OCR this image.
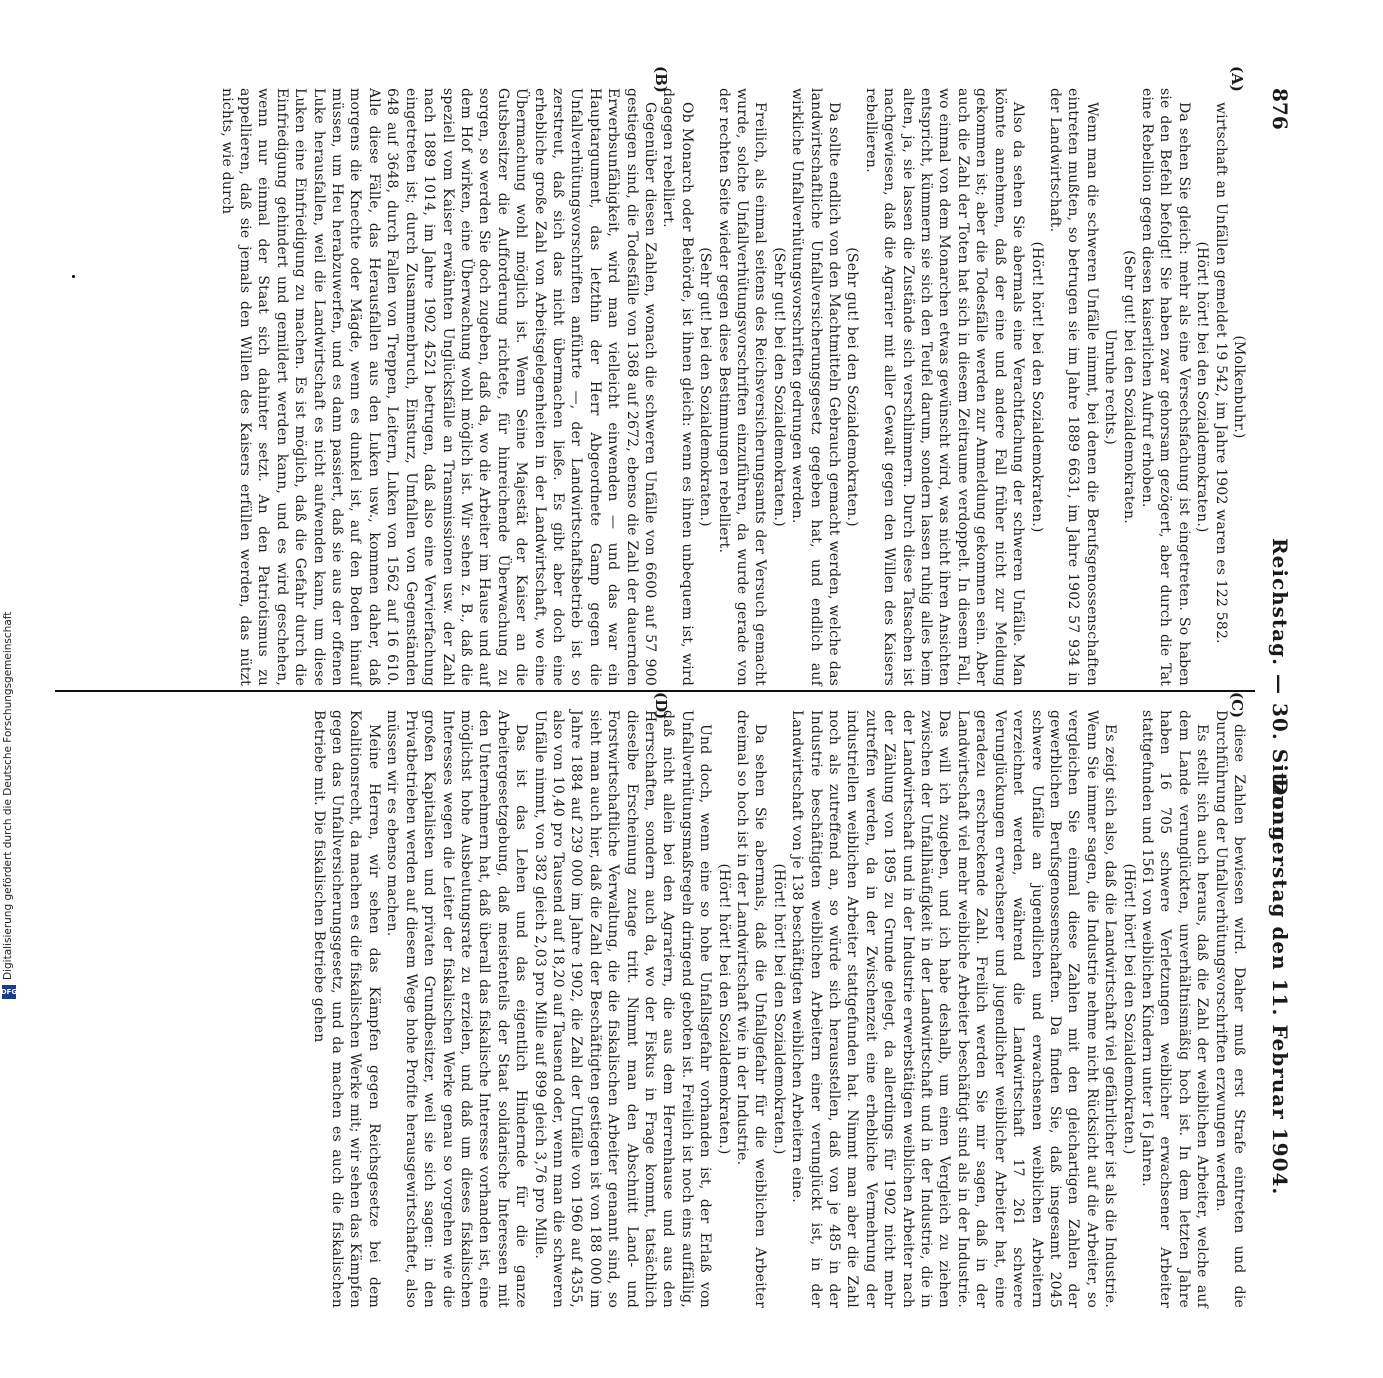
876
Reichstag. — 30. Sitzung.
Donnerstag den 11. Februar 1904.
(A)
(B)
(C)
(D)

(Molkenbuhr.)

wirtschaft an Unfällen gemeldet 19 542, im Jahre 1902 waren es 122 582.

(Hört! hört! bei den Sozialdemokraten.)

Da sehen Sie gleich: mehr als eine Versechsfachung ist eingetreten. So haben sie den Befehl befolgt! Sie haben zwar gehorsam gezögert, aber durch die Tat eine Rebellion gegen diesen kaiserlichen Aufruf erhoben.

(Sehr gut! bei den Sozialdemokraten.

Unruhe rechts.)

Wenn man die schweren Unfälle nimmt, bei denen die Berufsgenossenschaften eintreten mußten, so betrugen sie im Jahre 1889 6631, im Jahre 1902 57 934 in der Landwirtschaft.

(Hört! hört! bei den Sozialdemokraten.)

Also da sehen Sie abermals eine Verachtfachung der schweren Unfälle. Man könnte annehmen, daß der eine und andere Fall früher nicht zur Meldung gekommen ist; aber die Todesfälle werden zur Anmeldung gekommen sein. Aber auch die Zahl der Toten hat sich in diesem Zeitraume verdoppelt. In diesem Fall, wo einmal von dem Monarchen etwas gewünscht wird, was nicht ihren Ansichten entspricht, kümmern sie sich den Teufel darum, sondern lassen ruhig alles beim alten, ja, sie lassen die Zustände sich verschlimmern. Durch diese Tatsachen ist nachgewiesen, daß die Agrarier mit aller Gewalt gegen den Willen des Kaisers rebellieren.

(Sehr gut! bei den Sozialdemokraten.)

Da sollte endlich von den Machtmitteln Gebrauch gemacht werden, welche das landwirtschaftliche Unfallversicherungsgesetz gegeben hat, und endlich auf wirkliche Unfallverhütungsvorschriften gedrungen werden.

(Sehr gut! bei den Sozialdemokraten.)

Freilich, als einmal seitens des Reichsversicherungsamts der Versuch gemacht wurde, solche Unfallverhütungsvorschriften einzuführen, da wurde gerade von der rechten Seite wieder gegen diese Bestimmungen rebelliert.

(Sehr gut! bei den Sozialdemokraten.)

Ob Monarch oder Behörde, ist ihnen gleich: wenn es ihnen unbequem ist, wird dagegen rebelliert.

Gegenüber diesen Zahlen, wonach die schweren Unfälle von 6600 auf 57 900 gestiegen sind, die Todesfälle von 1368 auf 2672, ebenso die Zahl der dauernden Erwerbsunfähigkeit, wird man vielleicht einwenden — und das war ein Hauptargument, das letzthin der Herr Abgeordnete Gamp gegen die Unfallverhütungsvorschriften anführte —, der Landwirtschaftsbetrieb ist so zerstreut, daß sich das nicht übermachen ließe. Es gibt aber doch eine erhebliche große Zahl von Arbeitsgelegenheiten in der Landwirtschaft, wo eine Übermachung wohl möglich ist. Wenn Seine Majestät der Kaiser an die Gutsbesitzer die Aufforderung richtete, für hinreichende Überwachung zu sorgen, so werden Sie doch zugeben, daß da, wo die Arbeiter im Hause und auf dem Hof wirken, eine Überwachung wohl möglich ist. Wir sehen z. B., daß die speziell vom Kaiser erwähnten Unglücksfälle an Transmissionen usw. der Zahl nach 1889 1014, im Jahre 1902 4521 betrugen, daß also eine Vervierfachung eingetreten ist; durch Zusammenbruch, Einsturz, Umfallen von Gegenständen 648 auf 3648, durch Fallen von Treppen, Leitern, Luken von 1562 auf 16 610. Alle diese Fälle, das Herausfallen aus den Luken usw., kommen daher, daß morgens die Knechte oder Mägde, wenn es dunkel ist, auf den Boden hinauf müssen, um Heu herabzuwerfen, und es dann passiert, daß sie aus der offenen Luke herausfallen, weil die Landwirtschaft es nicht aufwenden kann, um diese Luken eine Einfriedigung zu machen. Es ist möglich, daß die Gefahr durch die Einfriedigung gehindert und gemildert werden kann, und es wird geschehen, wenn nur einmal der Staat sich dahinter setzt. An den Patriotismus zu appellieren, daß sie jemals den Willen des Kaisers erfüllen werden, das nützt nichts, wie durch

diese Zahlen bewiesen wird. Daher muß erst Strafe eintreten und die Durchführung der Unfallverhütungsvorschriften erzwungen werden.

Es stellt sich auch heraus, daß die Zahl der weiblichen Arbeiter, welche auf dem Lande verunglückten, unverhältnismäßig hoch ist. In dem letzten Jahre haben 16 705 schwere Verletzungen weiblicher erwachsener Arbeiter stattgefunden und 1561 von weiblichen Kindern unter 16 Jahren.

(Hört! hört! bei den Sozialdemokraten.)

Es zeigt sich also, daß die Landwirtschaft viel gefährlicher ist als die Industrie. Wenn Sie immer sagen, die Industrie nehme nicht Rücksicht auf die Arbeiter, so vergleichen Sie einmal diese Zahlen mit den gleichartigen Zahlen der gewerblichen Berufsgenossenschaften. Da finden Sie, daß insgesamt 2045 schwere Unfälle an jugendlichen und erwachsenen weiblichen Arbeitern verzeichnet werden, während die Landwirtschaft 17 261 schwere Verunglückungen erwachsener und jugendlicher weiblicher Arbeiter hat, eine geradezu erschreckende Zahl. Freilich werden Sie mir sagen, daß in der Landwirtschaft viel mehr weibliche Arbeiter beschäftigt sind als in der Industrie. Das will ich zugeben, und ich habe deshalb, um einen Vergleich zu ziehen zwischen der Unfallhäufigkeit in der Landwirtschaft und in der Industrie, die in der Landwirtschaft und in der Industrie erwerbstätigen weiblichen Arbeiter nach der Zählung von 1895 zu Grunde gelegt, da allerdings für 1902 nicht mehr zutreffen werden, da in der Zwischenzeit eine erhebliche Vermehrung der industriellen weiblichen Arbeiter stattgefunden hat. Nimmt man aber die Zahl noch als zutreffend an, so würde sich herausstellen, daß von je 485 in der Industrie beschäftigten weiblichen Arbeitern einer verunglückt ist, in der Landwirtschaft von je 138 beschäftigten weiblichen Arbeitern eine.

(Hört! hört! bei den Sozialdemokraten.)

Da sehen Sie abermals, daß die Unfallgefahr für die weiblichen Arbeiter dreimal so hoch ist in der Landwirtschaft wie in der Industrie.

(Hört! hört! bei den Sozialdemokraten.)

Und doch, wenn eine so hohe Unfallsgefahr vorhanden ist, der Erlaß von Unfallverhütungsmaßregeln dringend geboten ist. Freilich ist noch eins auffällig, daß nicht allein bei den Agrariern, die aus dem Herrenhause und aus den Herrschaften, sondern auch da, wo der Fiskus in Frage kommt, tatsächlich dieselbe Erscheinung zutage tritt. Nimmt man den Abschnitt Land- und Forstwirtschaftliche Verwaltung, die die fiskalischen Arbeiter genannt sind, so sieht man auch hier, daß die Zahl der Beschäftigten gestiegen ist von 188 000 im Jahre 1884 auf 239 000 im Jahre 1902, die Zahl der Unfälle von 1960 auf 4355, also von 10,40 pro Tausend auf 18,20 auf Tausend oder, wenn man die schweren Unfälle nimmt, von 382 gleich 2,03 pro Mille auf 899 gleich 3,76 pro Mille.

Das ist das Lehen und das eigentlich Hindernde für die ganze Arbeitergesetzgebung, daß meistenteils der Staat solidarische Interessen mit den Unternehmern hat, daß überall das fiskalische Interesse vorhanden ist, eine möglichst hohe Ausbeutungsrate zu erzielen, und daß um dieses fiskalischen Interesses wegen die Leiter der fiskalischen Werke genau so vorgehen wie die großen Kapitalisten und privaten Grundbesitzer, weil sie sich sagen: in den Privatbetrieben werden auf diesem Wege hohe Profite herausgewirtschaftet, also müssen wir es ebenso machen.

Meine Herren, wir sehen das Kämpfen gegen Reichsgesetze bei dem Koalitionsrecht, da machen es die fiskalischen Werke mit; wir sehen das Kämpfen gegen das Unfallversicherungsgesetz, und da machen es auch die fiskalischen Betriebe mit. Die fiskalischen Betriebe gehen

Digitalisierung gefördert durch die Deutsche Forschungsgemeinschaft
DFG
